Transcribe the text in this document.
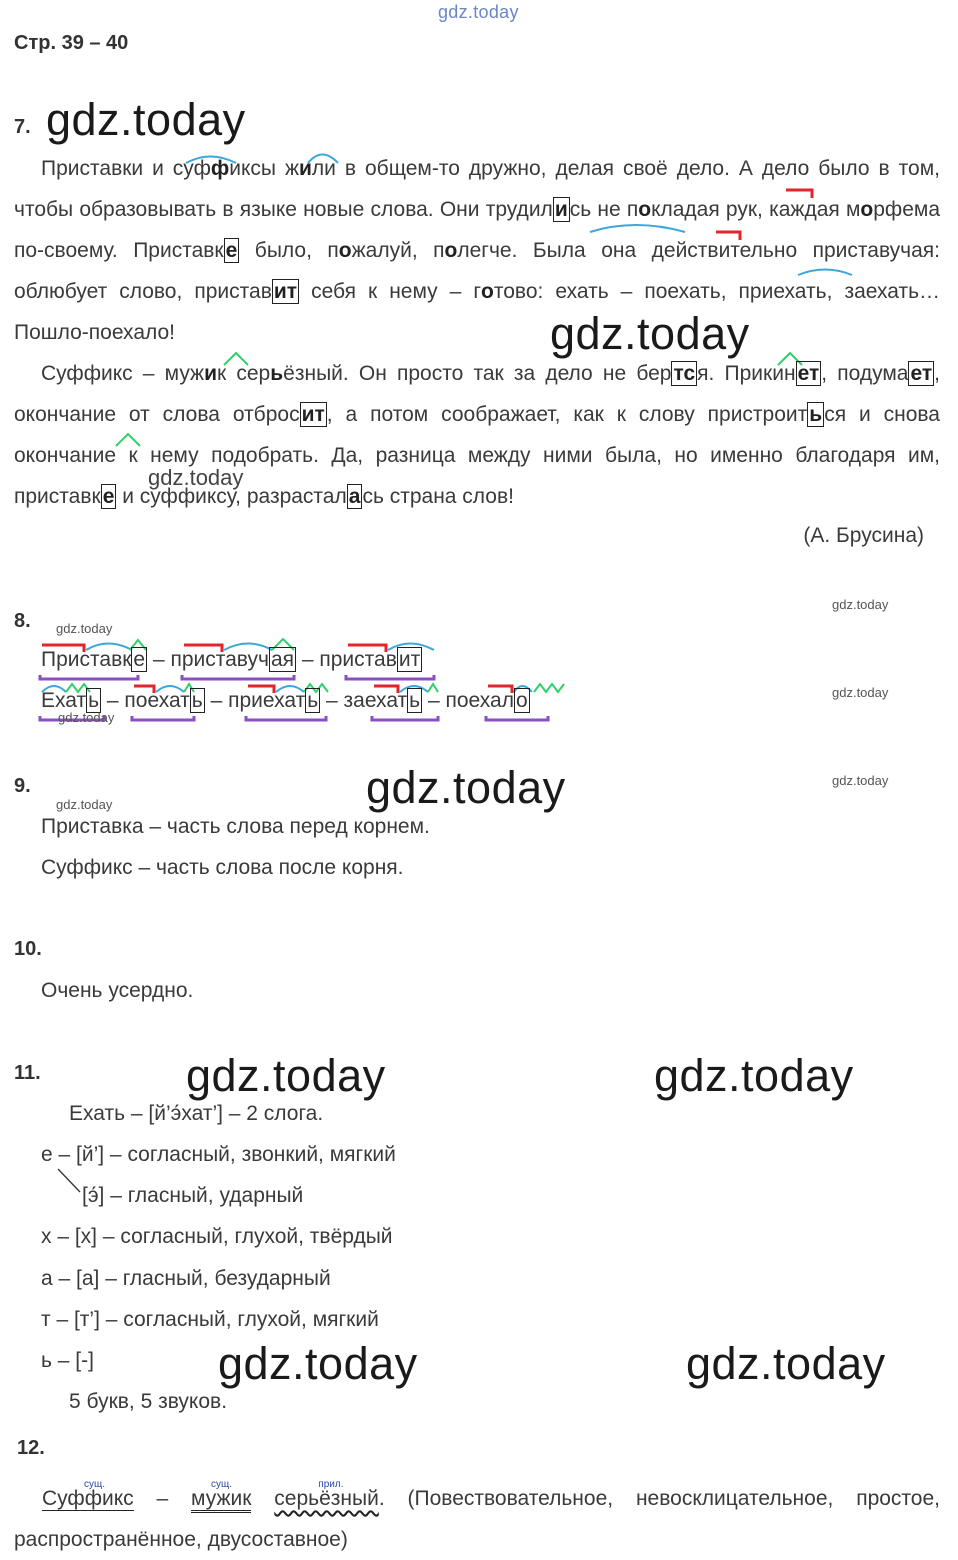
gdz.today
Стр. 39 – 40
7. gdz.today
Приставки и суффиксы жили в общем-то дружно, делая своё дело. А дело было в том, чтобы образовывать в языке новые слова. Они трудились не покладая рук, каждая морфема по-своему. Приставке было, пожалуй, полегче. Была она действительно приставучая: облюбует слово, приставит себя к нему – готово: ехать – поехать, приехать, заехать… Пошло-поехало!	gdz.today
Суффикс – мужик серьёзный. Он просто так за дело не бертся. Прикинет, подумает, окончание от слова отбросит, а потом соображает, как к слову пристроиться и снова окончание к нему подобрать. Да, разница между ними была, но именно благодаря им, приставке и суффиксу, разрасталась страна слов!
gdz.today
(А. Брусина)
8.
gdz.today
gdz.today
gdz.today
Приставке – приставучая – приставит
Ехать – поехать – приехать – заехать – поехало
gdz.today
9.	gdz.today	gdz.today
gdz.today
Приставка – часть слова перед корнем.
Суффикс – часть слова после корня.
10.
Очень усердно.
11.	gdz.today	gdz.today
Ехать – [й’э́хат’] – 2 слога.
е – [й’] – согласный, звонкий, мягкий
[э́] – гласный, ударный
х – [х] – согласный, глухой, твёрдый
а – [а] – гласный, безударный
т – [т’] – согласный, глухой, мягкий
ь – [-]	gdz.today	gdz.today
5 букв, 5 звуков.
12.
сущ.
Суффикс –
сущ.
мужик
прил.
серьёзный. (Повествовательное, невосклицательное, простое, распространённое, двусоставное)
